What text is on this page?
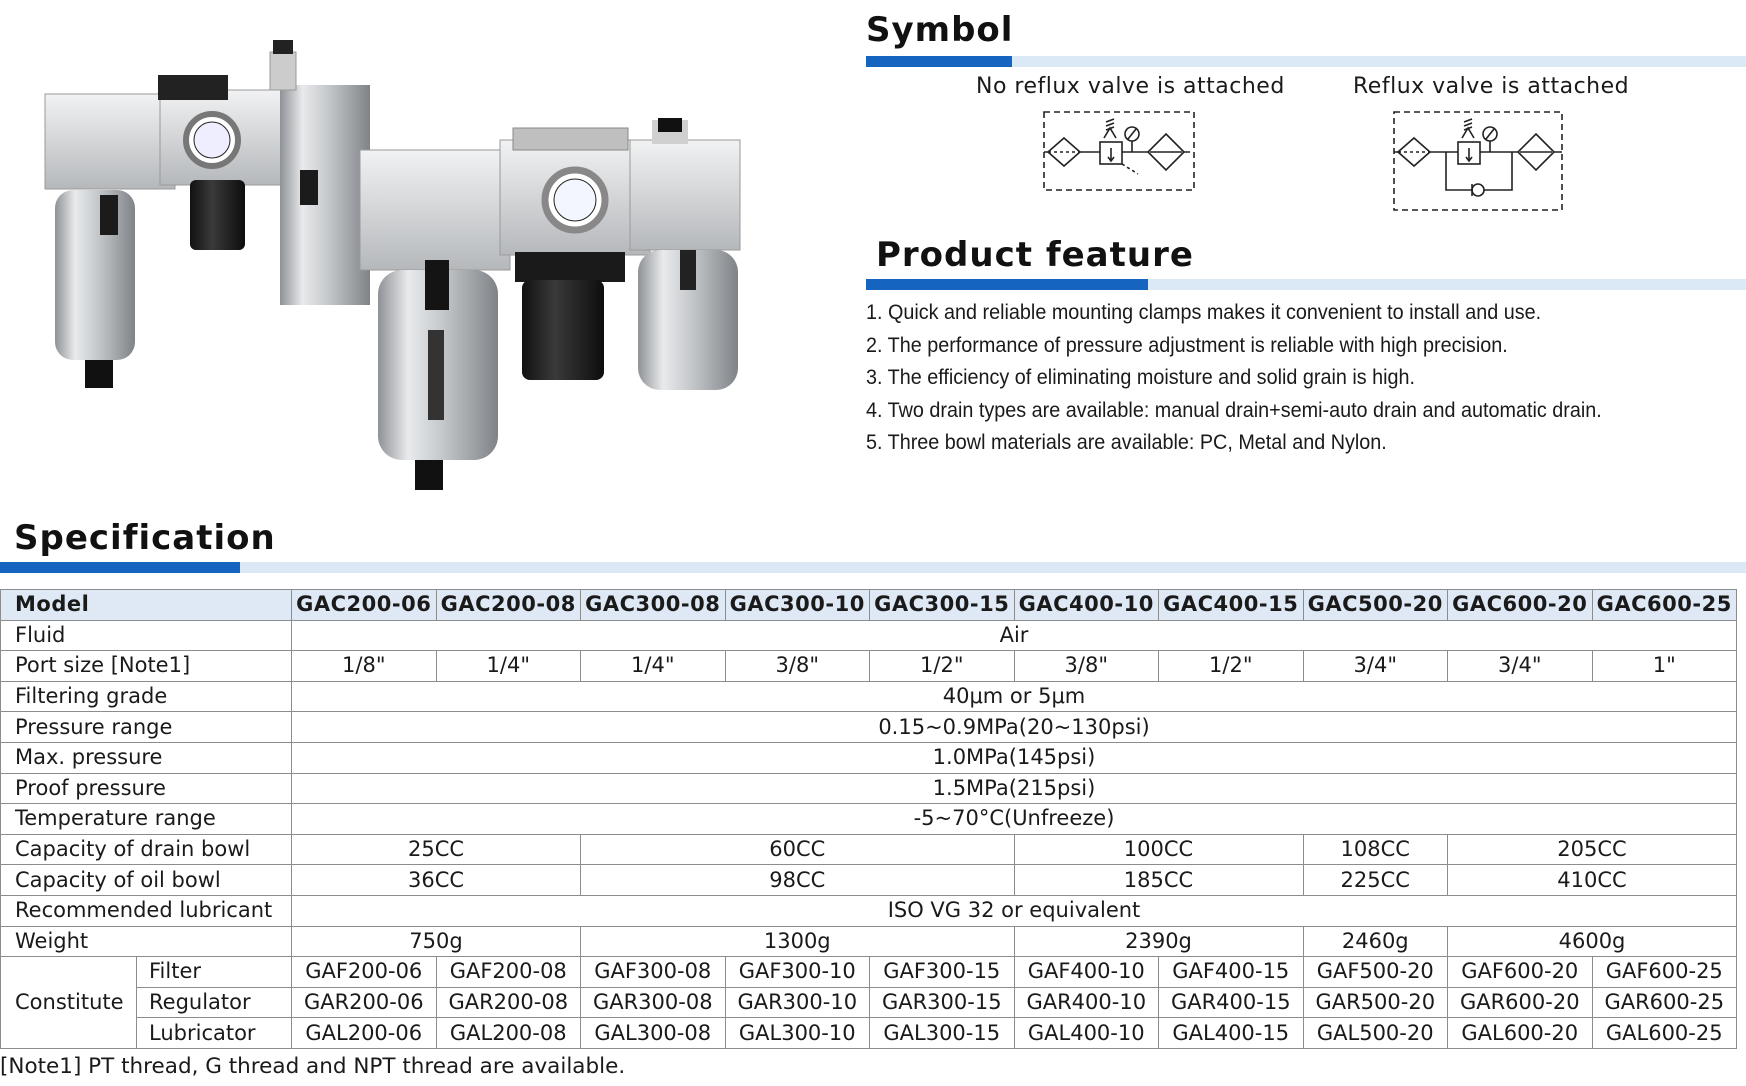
Symbol
No reflux valve is attached	Reflux valve is attached
Product feature
1. Quick and reliable mounting clamps makes it convenient to install and use.
2. The performance of pressure adjustment is reliable with high precision.
3. The efficiency of eliminating moisture and solid grain is high.
4. Two drain types are available: manual drain+semi-auto drain and automatic drain.
5. Three bowl materials are available: PC, Metal and Nylon.
Specification
Model		GAC200-06	GAC200-08	GAC300-08	GAC300-10	GAC300-15	GAC400-10	GAC400-15	GAC500-20	GAC600-20	GAC600-25
Fluid		Air									
Port size [Note1]		1/8"	1/4"	1/4"	3/8"	1/2"	3/8"	1/2"	3/4"	3/4"	1"
Filtering grade		40μm or 5μm									
Pressure range		0.15~0.9MPa(20~130psi)									
Max. pressure		1.0MPa(145psi)									
Proof pressure		1.5MPa(215psi)									
Temperature range		-5~70°C(Unfreeze)									
Capacity of drain bowl		25CC		60CC			100CC		108CC	205CC	
Capacity of oil bowl		36CC		98CC			185CC		225CC	410CC	
Recommended lubricant		ISO VG 32 or equivalent									
Weight		750g		1300g			2390g		2460g	4600g	
Constitute	Filter	GAF200-06	GAF200-08	GAF300-08	GAF300-10	GAF300-15	GAF400-10	GAF400-15	GAF500-20	GAF600-20	GAF600-25
	Regulator	GAR200-06	GAR200-08	GAR300-08	GAR300-10	GAR300-15	GAR400-10	GAR400-15	GAR500-20	GAR600-20	GAR600-25
	Lubricator	GAL200-06	GAL200-08	GAL300-08	GAL300-10	GAL300-15	GAL400-10	GAL400-15	GAL500-20	GAL600-20	GAL600-25
[Note1] PT thread, G thread and NPT thread are available.
